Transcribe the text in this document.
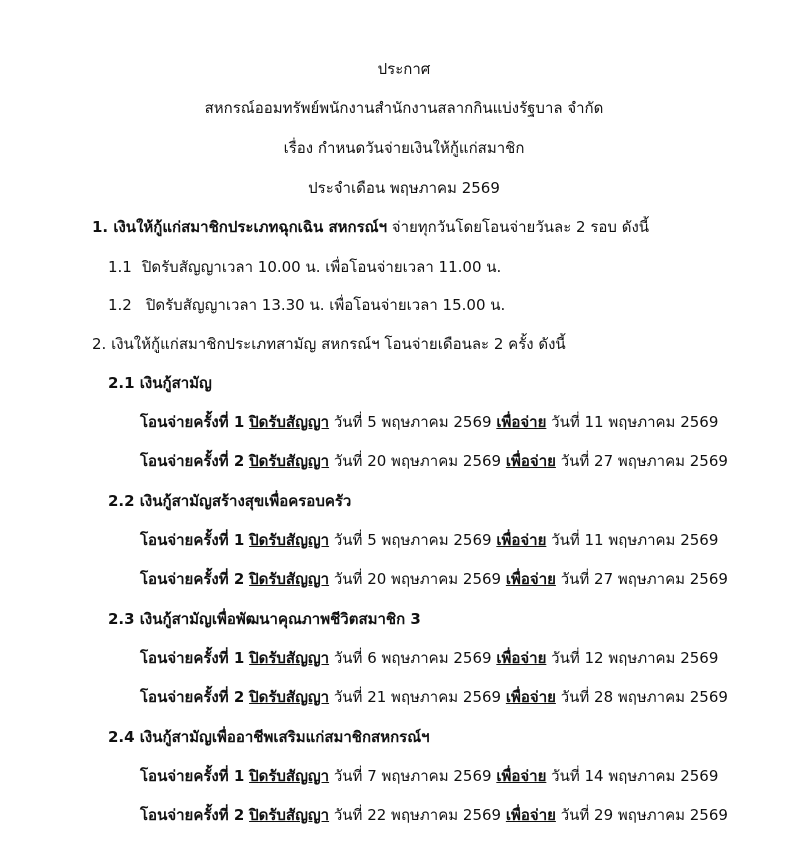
ประกาศ
สหกรณ์ออมทรัพย์พนักงานสำนักงานสลากกินแบ่งรัฐบาล จำกัด
เรื่อง กำหนดวันจ่ายเงินให้กู้แก่สมาชิก
ประจำเดือน พฤษภาคม 2569
1. เงินให้กู้แก่สมาชิกประเภทฉุกเฉิน สหกรณ์ฯ จ่ายทุกวันโดยโอนจ่ายวันละ 2 รอบ ดังนี้
1.1 ปิดรับสัญญาเวลา 10.00 น. เพื่อโอนจ่ายเวลา 11.00 น.
1.2 ปิดรับสัญญาเวลา 13.30 น. เพื่อโอนจ่ายเวลา 15.00 น.
2. เงินให้กู้แก่สมาชิกประเภทสามัญ สหกรณ์ฯ โอนจ่ายเดือนละ 2 ครั้ง ดังนี้
2.1 เงินกู้สามัญ
โอนจ่ายครั้งที่ 1 ปิดรับสัญญา วันที่ 5 พฤษภาคม 2569 เพื่อจ่าย วันที่ 11 พฤษภาคม 2569
โอนจ่ายครั้งที่ 2 ปิดรับสัญญา วันที่ 20 พฤษภาคม 2569 เพื่อจ่าย วันที่ 27 พฤษภาคม 2569
2.2 เงินกู้สามัญสร้างสุขเพื่อครอบครัว
โอนจ่ายครั้งที่ 1 ปิดรับสัญญา วันที่ 5 พฤษภาคม 2569 เพื่อจ่าย วันที่ 11 พฤษภาคม 2569
โอนจ่ายครั้งที่ 2 ปิดรับสัญญา วันที่ 20 พฤษภาคม 2569 เพื่อจ่าย วันที่ 27 พฤษภาคม 2569
2.3 เงินกู้สามัญเพื่อพัฒนาคุณภาพชีวิตสมาชิก 3
โอนจ่ายครั้งที่ 1 ปิดรับสัญญา วันที่ 6 พฤษภาคม 2569 เพื่อจ่าย วันที่ 12 พฤษภาคม 2569
โอนจ่ายครั้งที่ 2 ปิดรับสัญญา วันที่ 21 พฤษภาคม 2569 เพื่อจ่าย วันที่ 28 พฤษภาคม 2569
2.4 เงินกู้สามัญเพื่ออาชีพเสริมแก่สมาชิกสหกรณ์ฯ
โอนจ่ายครั้งที่ 1 ปิดรับสัญญา วันที่ 7 พฤษภาคม 2569 เพื่อจ่าย วันที่ 14 พฤษภาคม 2569
โอนจ่ายครั้งที่ 2 ปิดรับสัญญา วันที่ 22 พฤษภาคม 2569 เพื่อจ่าย วันที่ 29 พฤษภาคม 2569
